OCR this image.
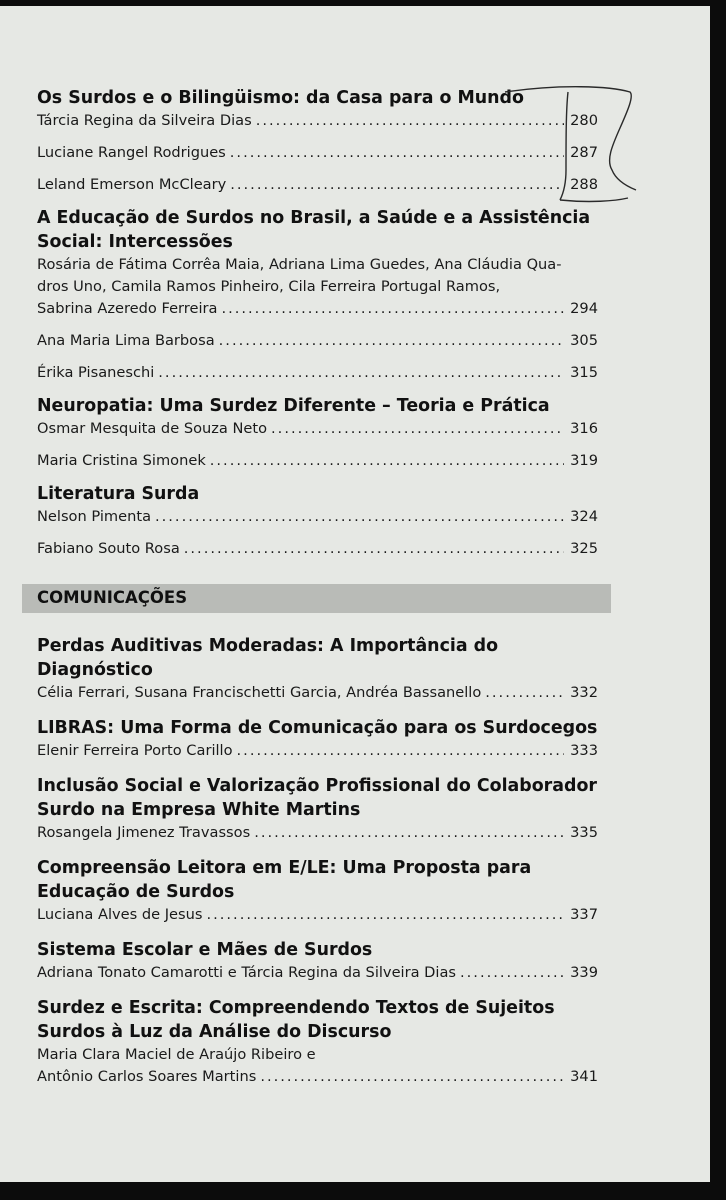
Os Surdos e o Bilingüismo: da Casa para o Mundo
Tárcia Regina da Silveira Dias .....	280
Luciane Rangel Rodrigues .....	287
Leland Emerson McCleary .....	288
A Educação de Surdos no Brasil, a Saúde e a Assistência Social: Intercessões
Rosária de Fátima Corrêa Maia, Adriana Lima Guedes, Ana Cláudia Qua-
dros Uno, Camila Ramos Pinheiro, Cila Ferreira Portugal Ramos,
Sabrina Azeredo Ferreira .....	294
Ana Maria Lima Barbosa .....	305
Érika Pisaneschi .....	315
Neuropatia: Uma Surdez Diferente – Teoria e Prática
Osmar Mesquita de Souza Neto .....	316
Maria Cristina Simonek .....	319
Literatura Surda
Nelson Pimenta .....	324
Fabiano Souto Rosa .....	325
COMUNICAÇÕES
Perdas Auditivas Moderadas: A Importância do Diagnóstico
Célia Ferrari, Susana Francischetti Garcia, Andréa Bassanello .....	332
LIBRAS: Uma Forma de Comunicação para os Surdocegos
Elenir Ferreira Porto Carillo .....	333
Inclusão Social e Valorização Profissional do Colaborador Surdo na Empresa White Martins
Rosangela Jimenez Travassos .....	335
Compreensão Leitora em E/LE: Uma Proposta para Educação de Surdos
Luciana Alves de Jesus .....	337
Sistema Escolar e Mães de Surdos
Adriana Tonato Camarotti e Tárcia Regina da Silveira Dias .....	339
Surdez e Escrita: Compreendendo Textos de Sujeitos Surdos à Luz da Análise do Discurso
Maria Clara Maciel de Araújo Ribeiro e
Antônio Carlos Soares Martins .....	341
